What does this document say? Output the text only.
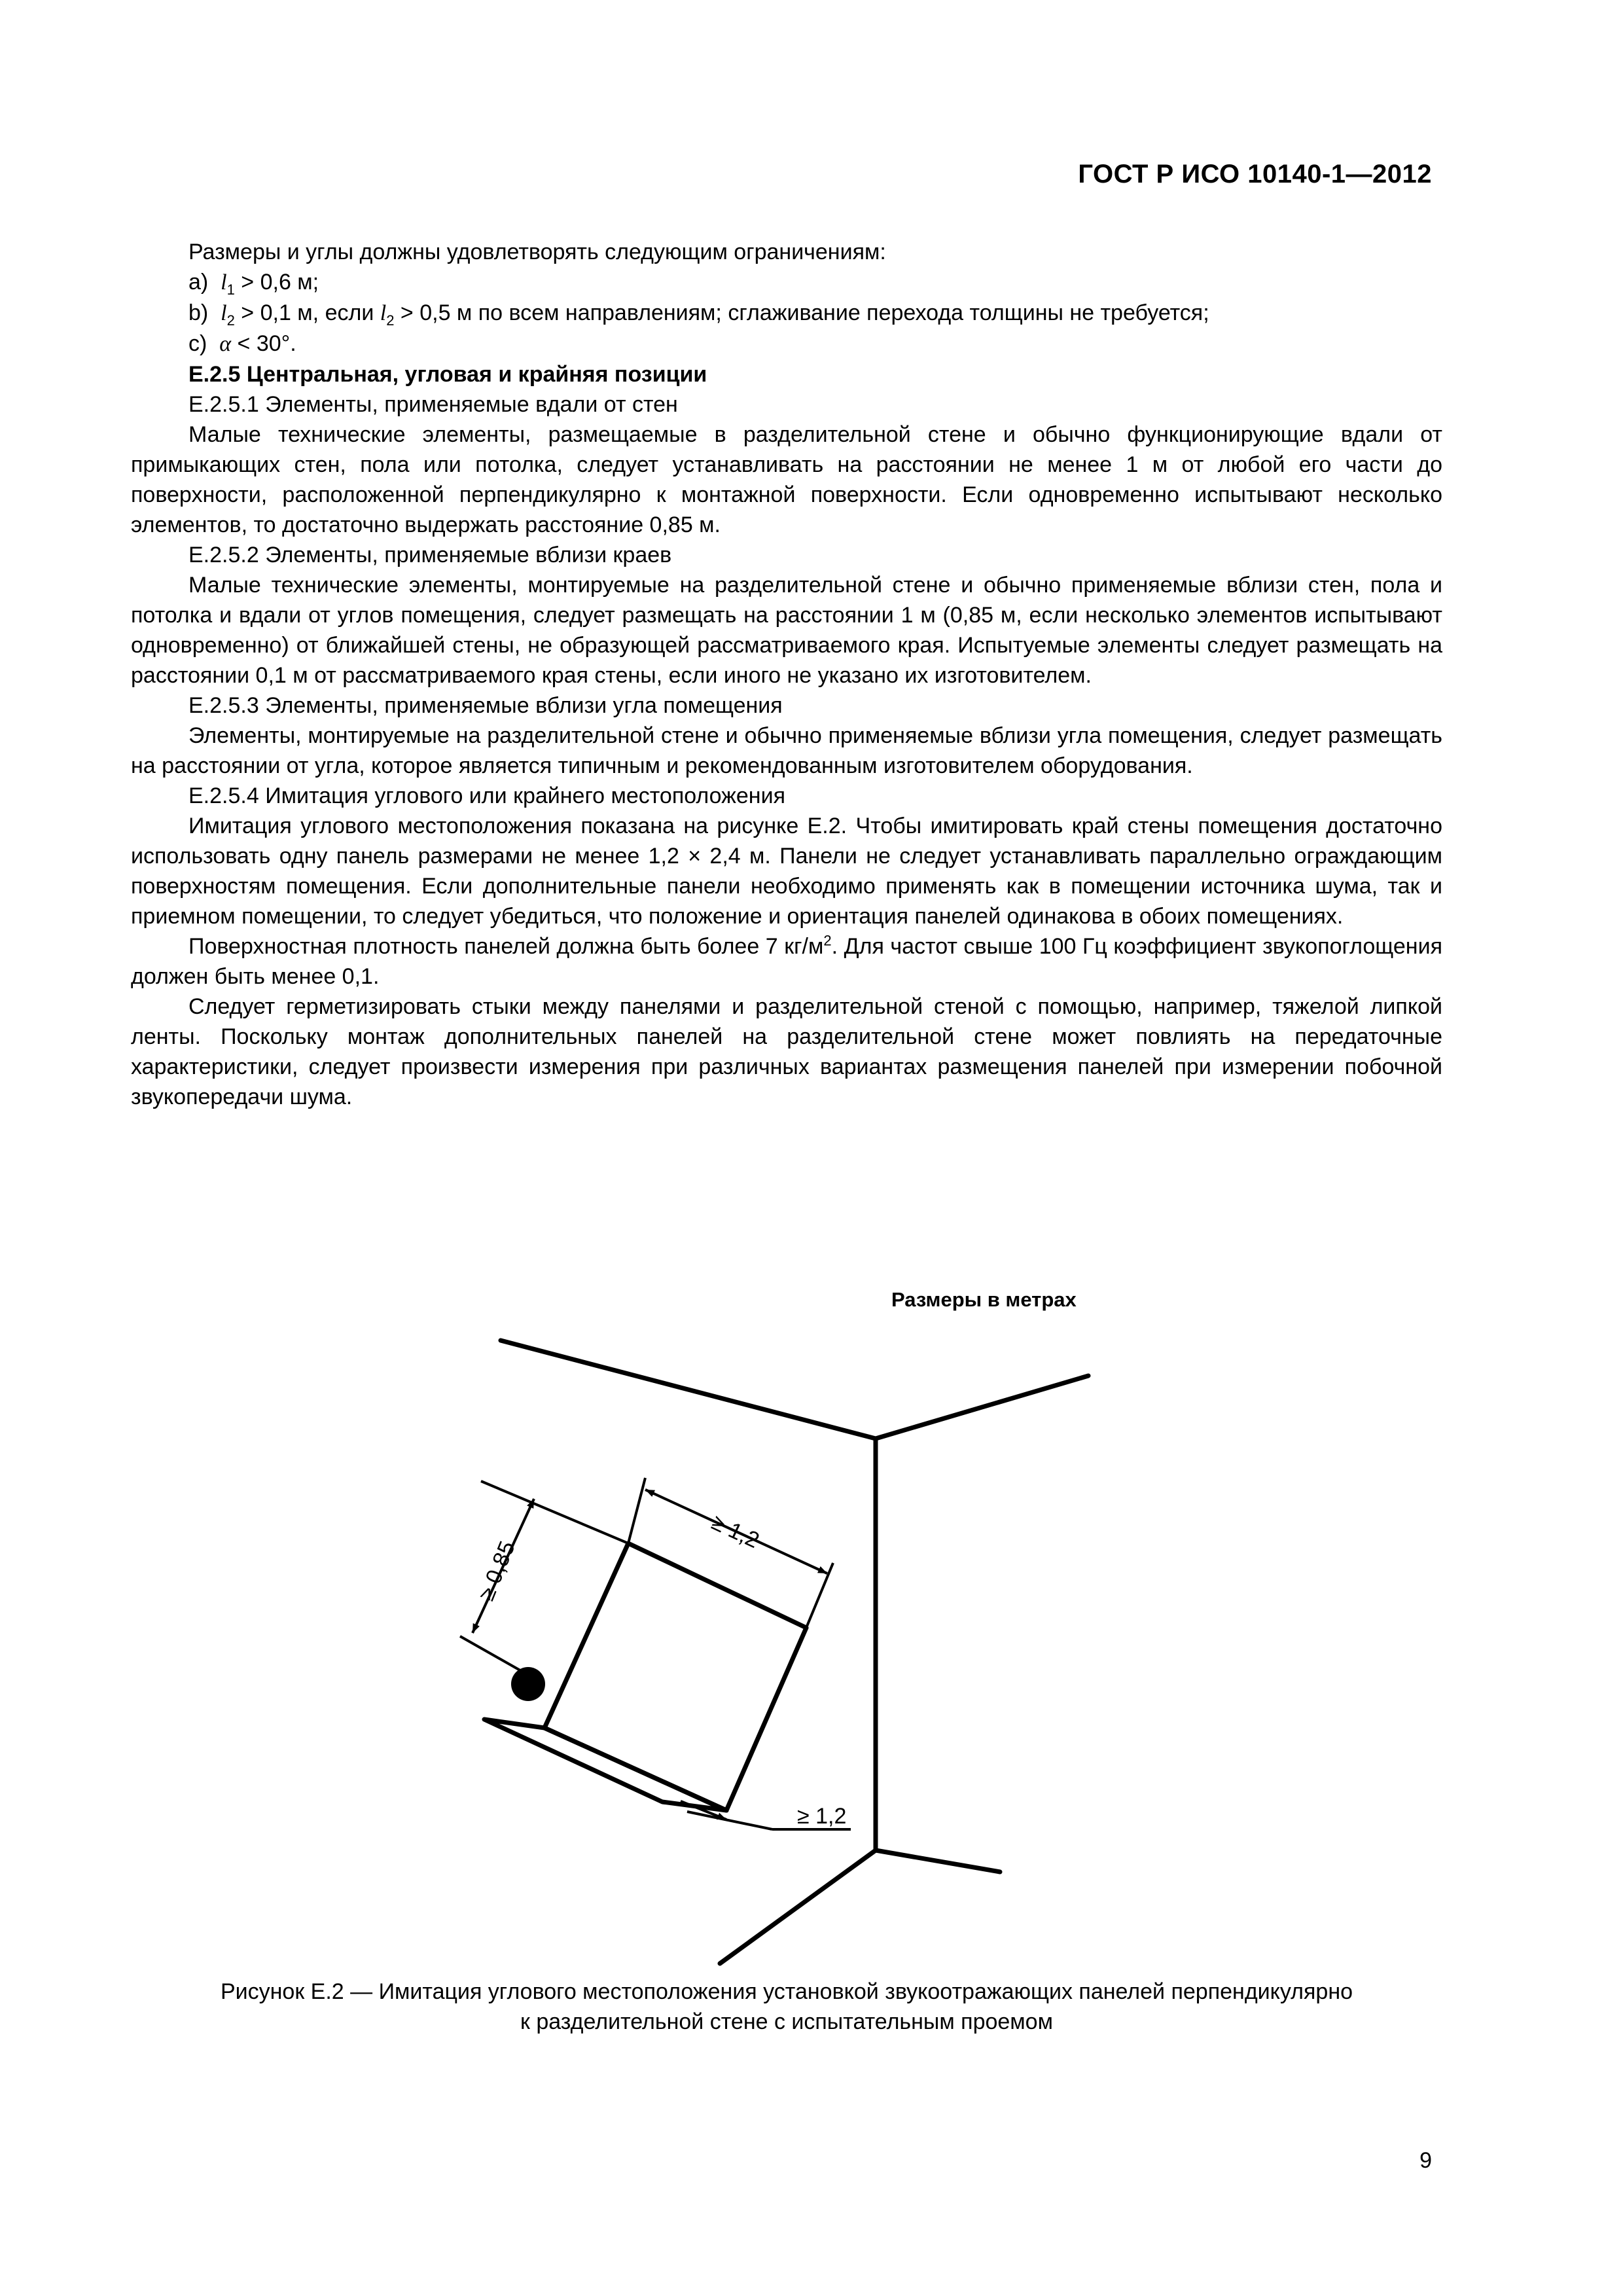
ГОСТ Р ИСО 10140-1—2012

Размеры и углы должны удовлетворять следующим ограничениям:

а) $l_1 > 0,6$ м;

b) $l_2 > 0,1$ м, если $l_2 > 0,5$ м по всем направлениям; сглаживание перехода толщины не требуется;

c) α < 30°.

Е.2.5 Центральная, угловая и крайняя позиции

Е.2.5.1 Элементы, применяемые вдали от стен

Малые технические элементы, размещаемые в разделительной стене и обычно функционирующие вдали от примыкающих стен, пола или потолка, следует устанавливать на расстоянии не менее 1 м от любой его части до поверхности, расположенной перпендикулярно к монтажной поверхности. Если одновременно испытывают несколько элементов, то достаточно выдержать расстояние 0,85 м.

Е.2.5.2 Элементы, применяемые вблизи краев

Малые технические элементы, монтируемые на разделительной стене и обычно применяемые вблизи стен, пола и потолка и вдали от углов помещения, следует размещать на расстоянии 1 м (0,85 м, если несколько элементов испытывают одновременно) от ближайшей стены, не образующей рассматриваемого края. Испытуемые элементы следует размещать на расстоянии 0,1 м от рассматриваемого края стены, если иного не указано их изготовителем.

Е.2.5.3 Элементы, применяемые вблизи угла помещения

Элементы, монтируемые на разделительной стене и обычно применяемые вблизи угла помещения, следует размещать на расстоянии от угла, которое является типичным и рекомендованным изготовителем оборудования.

Е.2.5.4 Имитация углового или крайнего местоположения

Имитация углового местоположения показана на рисунке Е.2. Чтобы имитировать край стены помещения достаточно использовать одну панель размерами не менее 1,2 × 2,4 м. Панели не следует устанавливать параллельно ограждающим поверхностям помещения. Если дополнительные панели необходимо применять как в помещении источника шума, так и приемном помещении, то следует убедиться, что положение и ориентация панелей одинакова в обоих помещениях.

Поверхностная плотность панелей должна быть более 7 $кг/м^2$. Для частот свыше 100 Гц коэффициент звукопоглощения должен быть менее 0,1.

Следует герметизировать стыки между панелями и разделительной стеной с помощью, например, тяжелой липкой ленты. Поскольку монтаж дополнительных панелей на разделительной стене может повлиять на передаточные характеристики, следует произвести измерения при различных вариантах размещения панелей при измерении побочной звукопередачи шума.

Размеры в метрах
≥ 1,2
≥ 0,85
≥ 1,2
Рисунок Е.2 — Имитация углового местоположения установкой звукоотражающих панелей перпендикулярно
к разделительной стене с испытательным проемом
9
